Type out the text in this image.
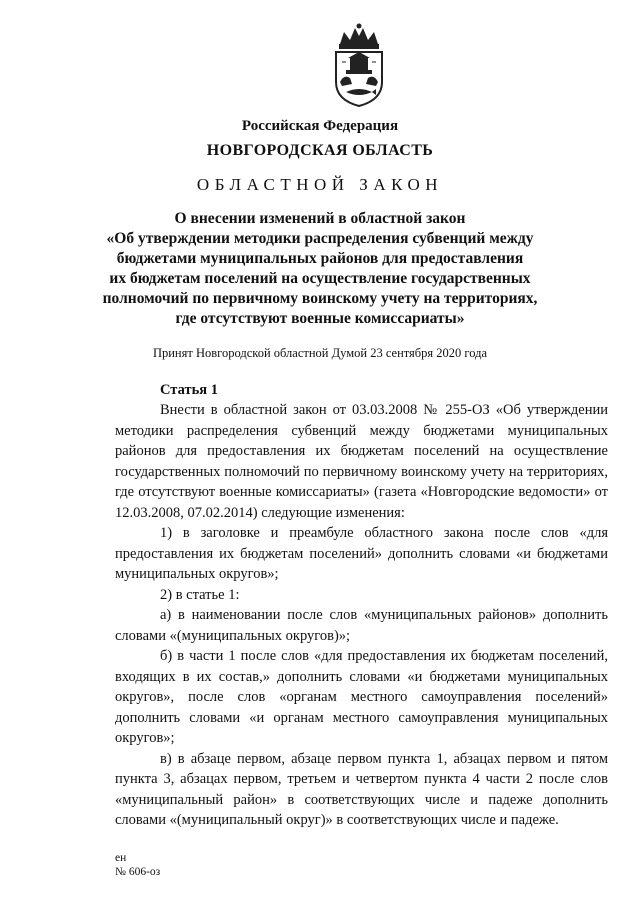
Российская Федерация
НОВГОРОДСКАЯ ОБЛАСТЬ
ОБЛАСТНОЙ ЗАКОН
О внесении изменений в областной закон
«Об утверждении методики распределения субвенций между
бюджетами муниципальных районов для предоставления
их бюджетам поселений на осуществление государственных
полномочий по первичному воинскому учету на территориях,
где отсутствуют военные комиссариаты»
Принят Новгородской областной Думой 23 сентября 2020 года
Статья 1

Внести в областной закон от 03.03.2008 № 255-ОЗ «Об утверждении методики распределения субвенций между бюджетами муниципальных районов для предоставления их бюджетам поселений на осуществление государственных полномочий по первичному воинскому учету на территориях, где отсутствуют военные комиссариаты» (газета «Новгородские ведомости» от 12.03.2008, 07.02.2014) следующие изменения:

1) в заголовке и преамбуле областного закона после слов «для предоставления их бюджетам поселений» дополнить словами «и бюджетами муниципальных округов»;

2) в статье 1:

а) в наименовании после слов «муниципальных районов» дополнить словами «(муниципальных округов)»;

б) в части 1 после слов «для предоставления их бюджетам поселений, входящих в их состав,» дополнить словами «и бюджетами муниципальных округов», после слов «органам местного самоуправления поселений» дополнить словами «и органам местного самоуправления муниципальных округов»;

в) в абзаце первом, абзаце первом пункта 1, абзацах первом и пятом пункта 3, абзацах первом, третьем и четвертом пункта 4 части 2 после слов «муниципальный район» в соответствующих числе и падеже дополнить словами «(муниципальный округ)» в соответствующих числе и падеже.

ен
№ 606-оз
